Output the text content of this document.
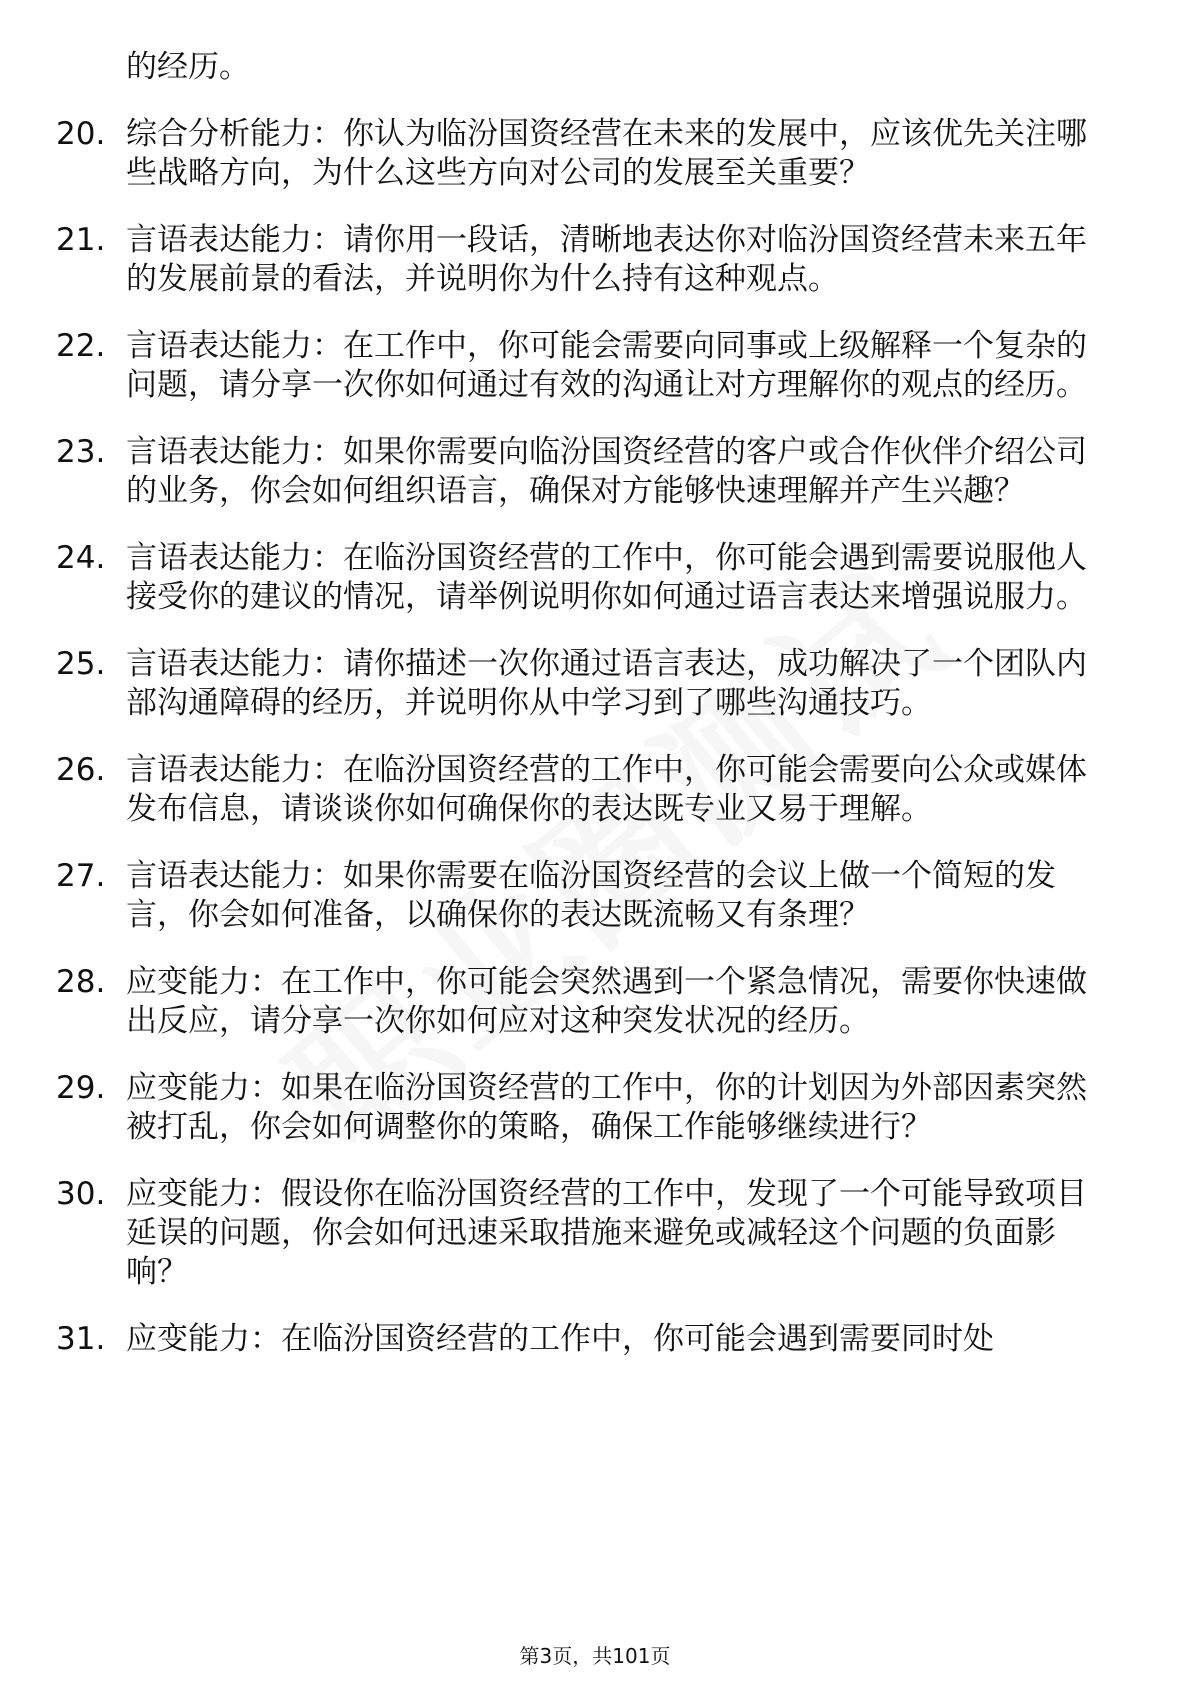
的经历。
20. 综合分析能力：你认为临汾国资经营在未来的发展中，应该优先关注哪些战略方向，为什么这些方向对公司的发展至关重要？
21. 言语表达能力：请你用一段话，清晰地表达你对临汾国资经营未来五年的发展前景的看法，并说明你为什么持有这种观点。
22. 言语表达能力：在工作中，你可能会需要向同事或上级解释一个复杂的问题，请分享一次你如何通过有效的沟通让对方理解你的观点的经历。
23. 言语表达能力：如果你需要向临汾国资经营的客户或合作伙伴介绍公司的业务，你会如何组织语言，确保对方能够快速理解并产生兴趣？
24. 言语表达能力：在临汾国资经营的工作中，你可能会遇到需要说服他人接受你的建议的情况，请举例说明你如何通过语言表达来增强说服力。
25. 言语表达能力：请你描述一次你通过语言表达，成功解决了一个团队内部沟通障碍的经历，并说明你从中学习到了哪些沟通技巧。
26. 言语表达能力：在临汾国资经营的工作中，你可能会需要向公众或媒体发布信息，请谈谈你如何确保你的表达既专业又易于理解。
27. 言语表达能力：如果你需要在临汾国资经营的会议上做一个简短的发言，你会如何准备，以确保你的表达既流畅又有条理？
28. 应变能力：在工作中，你可能会突然遇到一个紧急情况，需要你快速做出反应，请分享一次你如何应对这种突发状况的经历。
29. 应变能力：如果在临汾国资经营的工作中，你的计划因为外部因素突然被打乱，你会如何调整你的策略，确保工作能够继续进行？
30. 应变能力：假设你在临汾国资经营的工作中，发现了一个可能导致项目延误的问题，你会如何迅速采取措施来避免或减轻这个问题的负面影响？
31. 应变能力：在临汾国资经营的工作中，你可能会遇到需要同时处
第3页，共101页
